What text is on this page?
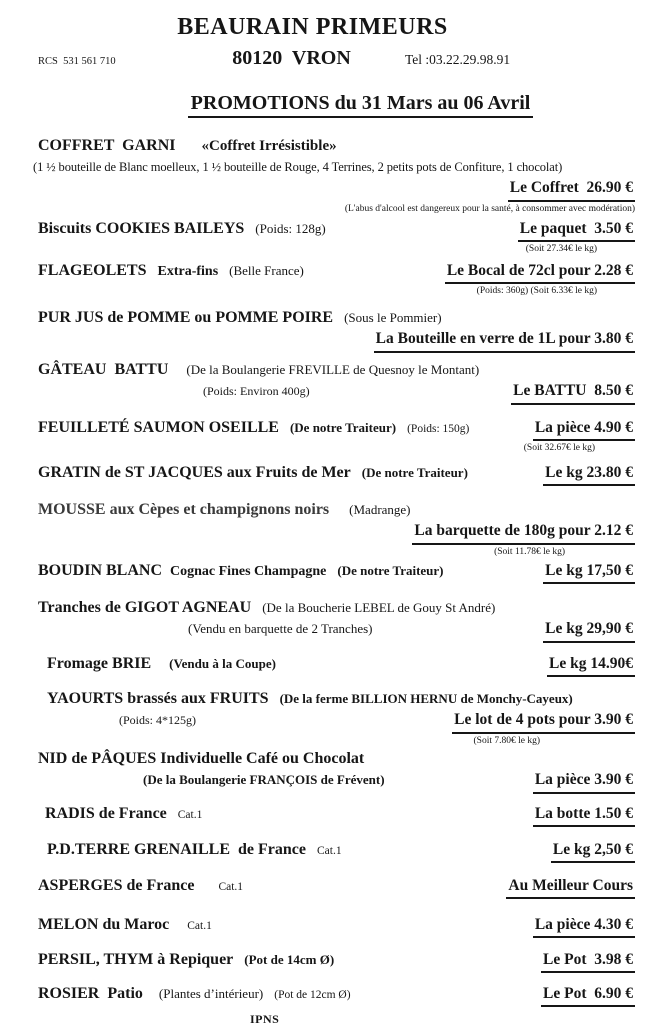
BEAURAIN PRIMEURS
RCS  531 561 710	80120  VRON	Tel :03.22.29.98.91
PROMOTIONS du 31 Mars au 06 Avril
COFFRET  GARNI «Coffret Irrésistible»
(1 ½ bouteille de Blanc moelleux, 1 ½ bouteille de Rouge, 4 Terrines, 2 petits pots de Confiture, 1 chocolat)
Le Coffret  26.90 €
(L'abus d'alcool est dangereux pour la santé, à consommer avec modération)
Biscuits COOKIES BAILEYS (Poids: 128g)	Le paquet  3.50 €
(Soit 27.34€ le kg)
FLAGEOLETS Extra-fins (Belle France)	Le Bocal de 72cl pour 2.28 €
(Poids: 360g) (Soit 6.33€ le kg)
PUR JUS de POMME ou POMME POIRE (Sous le Pommier)
La Bouteille en verre de 1L pour 3.80 €
GÂTEAU  BATTU (De la Boulangerie FREVILLE de Quesnoy le Montant)
(Poids: Environ 400g)	Le BATTU  8.50 €
FEUILLETÉ SAUMON OSEILLE (De notre Traiteur) (Poids: 150g)	La pièce 4.90 €
(Soit 32.67€ le kg)
GRATIN de ST JACQUES aux Fruits de Mer (De notre Traiteur)	Le kg 23.80 €
MOUSSE aux Cèpes et champignons noirs (Madrange)
La barquette de 180g pour 2.12 €
(Soit 11.78€ le kg)
BOUDIN BLANC Cognac Fines Champagne (De notre Traiteur)	Le kg 17,50 €
Tranches de GIGOT AGNEAU (De la Boucherie LEBEL de Gouy St André)
(Vendu en barquette de 2 Tranches)	Le kg 29,90 €
Fromage BRIE (Vendu à la Coupe)	Le kg 14.90€
YAOURTS brassés aux FRUITS (De la ferme BILLION HERNU de Monchy-Cayeux)
(Poids: 4*125g)	Le lot de 4 pots pour 3.90 €
(Soit 7.80€ le kg)
NID de PÂQUES Individuelle Café ou Chocolat
(De la Boulangerie FRANÇOIS de Frévent)	La pièce 3.90 €
RADIS de France Cat.1	La botte 1.50 €
P.D.TERRE GRENAILLE  de France Cat.1	Le kg 2,50 €
ASPERGES de France Cat.1	Au Meilleur Cours
MELON du Maroc Cat.1	La pièce 4.30 €
PERSIL, THYM à Repiquer (Pot de 14cm Ø)	Le Pot  3.98 €
ROSIER  Patio (Plantes d’intérieur) (Pot de 12cm Ø)	Le Pot  6.90 €
IPNS
